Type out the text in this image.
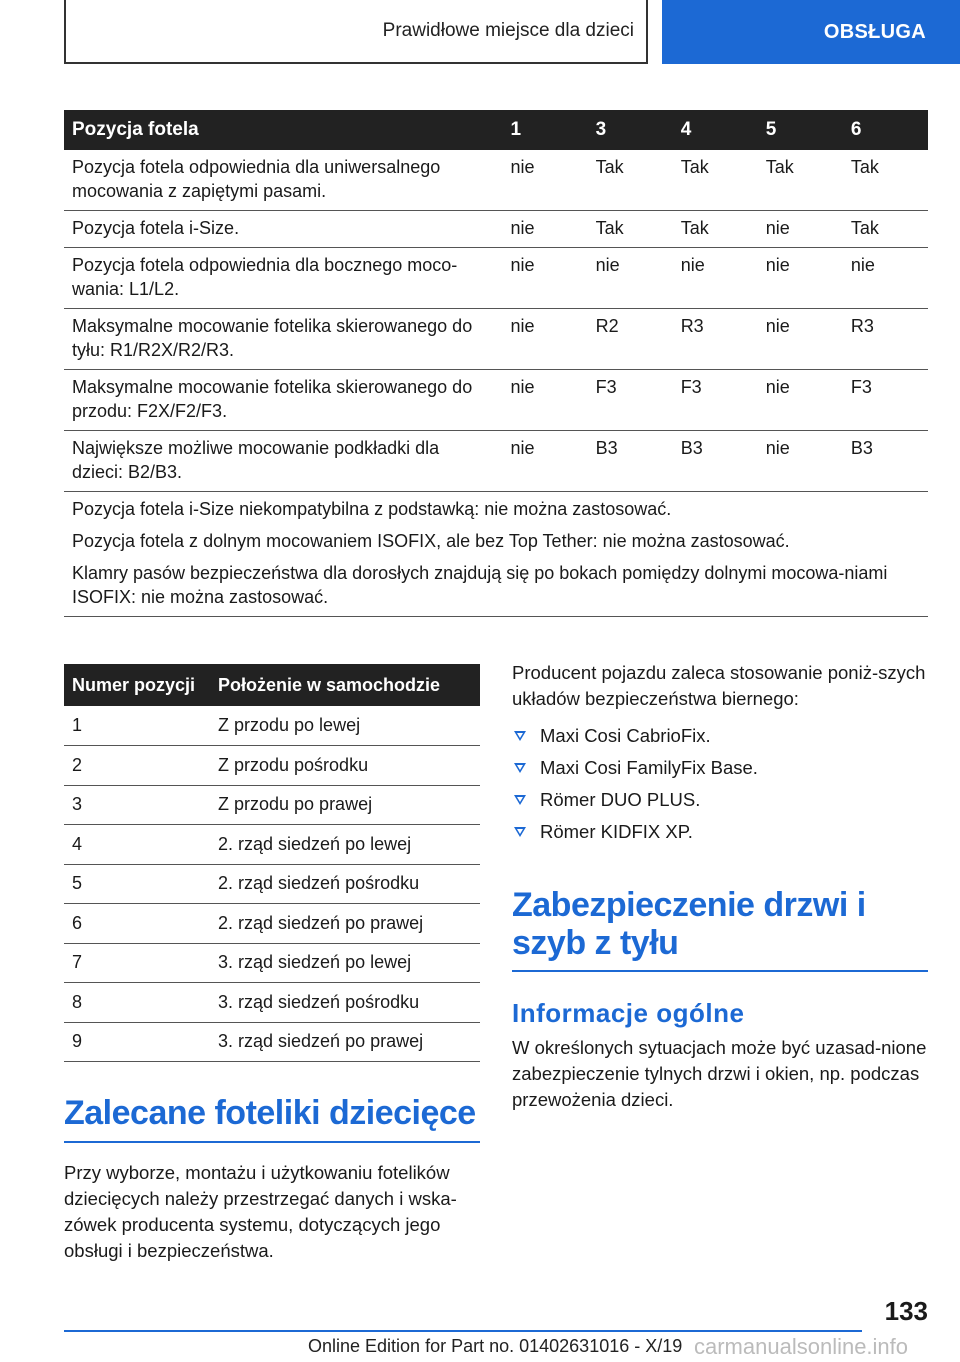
Prawidłowe miejsce dla dzieci	OBSŁUGA
Pozycja fotela	1	3	4	5	6
Pozycja fotela odpowiednia dla uniwersalnego mocowania z zapiętymi pasami.	nie	Tak	Tak	Tak	Tak
Pozycja fotela i-Size.	nie	Tak	Tak	nie	Tak
Pozycja fotela odpowiednia dla bocznego moco-wania: L1/L2.	nie	nie	nie	nie	nie
Maksymalne mocowanie fotelika skierowanego do tyłu: R1/R2X/R2/R3.	nie	R2	R3	nie	R3
Maksymalne mocowanie fotelika skierowanego do przodu: F2X/F2/F3.	nie	F3	F3	nie	F3
Największe możliwe mocowanie podkładki dla dzieci: B2/B3.	nie	B3	B3	nie	B3

Pozycja fotela i-Size niekompatybilna z podstawką: nie można zastosować.

Pozycja fotela z dolnym mocowaniem ISOFIX, ale bez Top Tether: nie można zastosować.

Klamry pasów bezpieczeństwa dla dorosłych znajdują się po bokach pomiędzy dolnymi mocowa-niami ISOFIX: nie można zastosować.					

Numer pozycji	Położenie w samochodzie
1	Z przodu po lewej
2	Z przodu pośrodku
3	Z przodu po prawej
4	2. rząd siedzeń po lewej
5	2. rząd siedzeń pośrodku
6	2. rząd siedzeń po prawej
7	3. rząd siedzeń po lewej
8	3. rząd siedzeń pośrodku
9	3. rząd siedzeń po prawej
Zalecane foteliki dziecięce

Przy wyborze, montażu i użytkowaniu fotelików dziecięcych należy przestrzegać danych i wska-zówek producenta systemu, dotyczących jego obsługi i bezpieczeństwa.

Producent pojazdu zaleca stosowanie poniż-szych układów bezpieczeństwa biernego:

Maxi Cosi CabrioFix.
Maxi Cosi FamilyFix Base.
Römer DUO PLUS.
Römer KIDFIX XP.
Zabezpieczenie drzwi i szyb z tyłu
Informacje ogólne

W określonych sytuacjach może być uzasad-nione zabezpieczenie tylnych drzwi i okien, np. podczas przewożenia dzieci.

133
Online Edition for Part no. 01402631016 - X/19 carmanualsonline.info
